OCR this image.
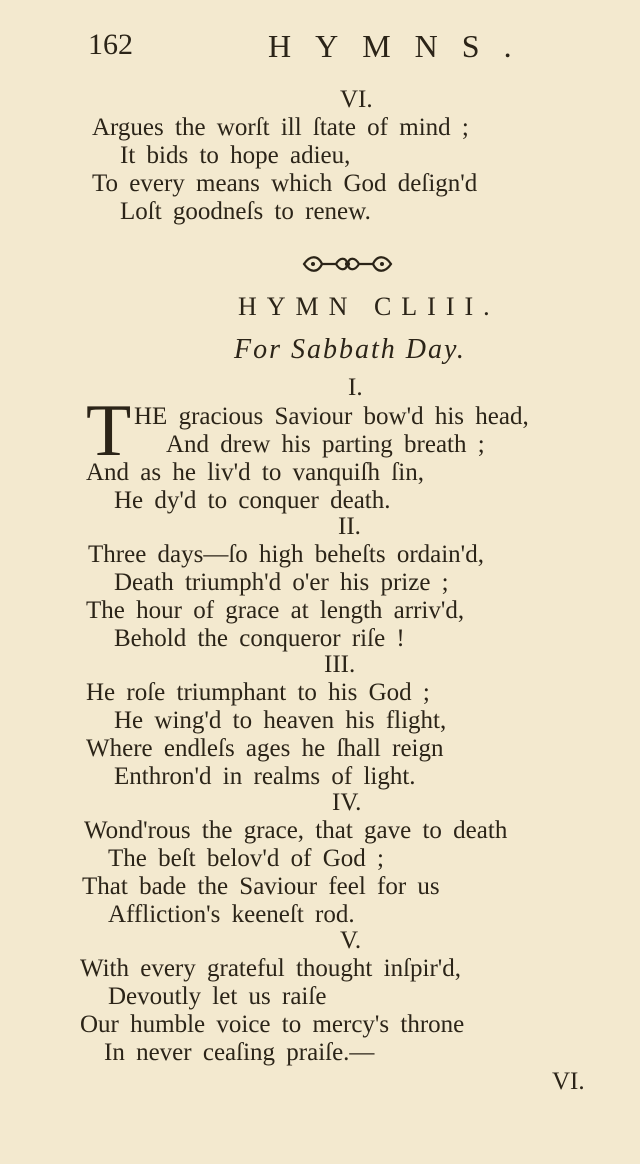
162	HYMNS.
VI.
Argues the worſt ill ſtate of mind ;
It bids to hope adieu,
To every means which God deſign'd
Loſt goodneſs to renew.
HYMN CLIII.
For Sabbath Day.
I.
T HE gracious Saviour bow'd his head,
And drew his parting breath ;
And as he liv'd to vanquiſh ſin,
He dy'd to conquer death.
II.
Three days—ſo high beheſts ordain'd,
Death triumph'd o'er his prize ;
The hour of grace at length arriv'd,
Behold the conqueror riſe !
III.
He roſe triumphant to his God ;
He wing'd to heaven his flight,
Where endleſs ages he ſhall reign
Enthron'd in realms of light.
IV.
Wond'rous the grace, that gave to death
The beſt belov'd of God ;
That bade the Saviour feel for us
Affliction's keeneſt rod.
V.
With every grateful thought inſpir'd,
Devoutly let us raiſe
Our humble voice to mercy's throne
In never ceaſing praiſe.—
VI.
